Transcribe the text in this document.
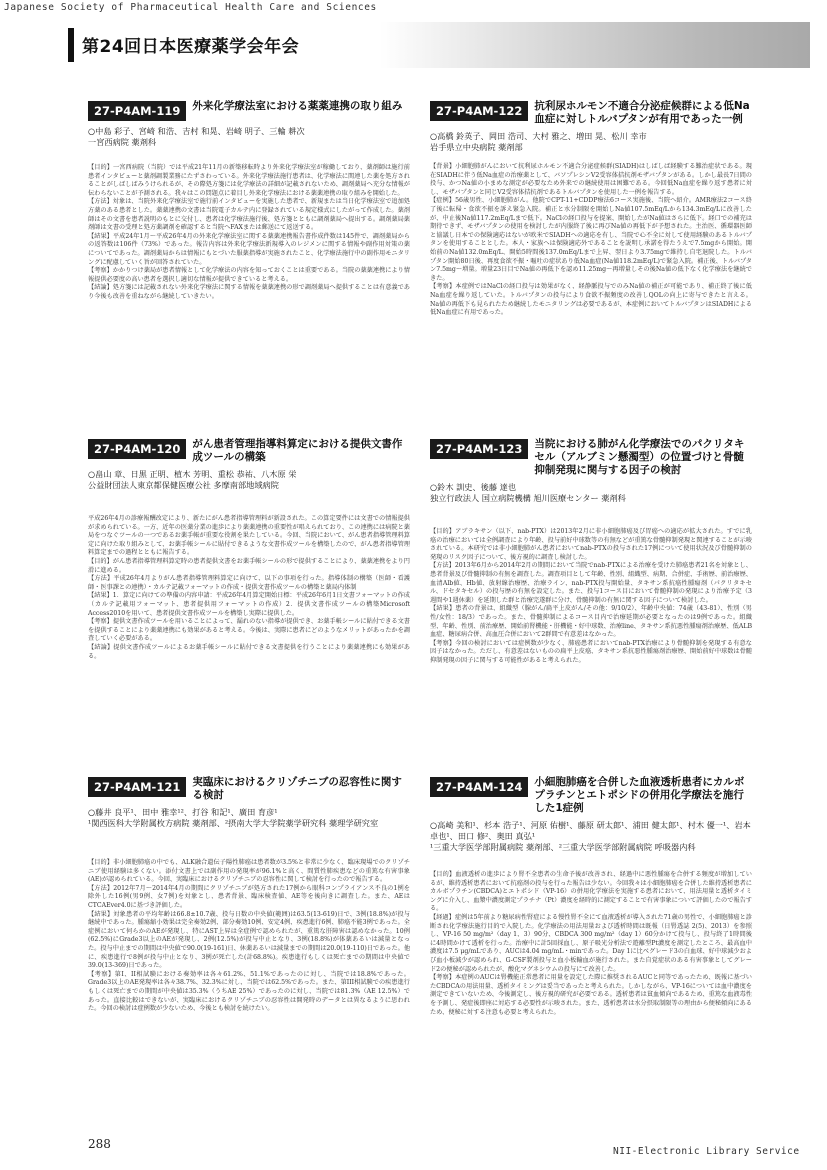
Japanese Society of Pharmaceutical Health Care and Sciences
第24回日本医療薬学会年会
27-P4AM-119	外来化学療法室における薬薬連携の取り組み
○中島 彩子、宮崎 和浩、吉村 和晃、岩崎 明子、三輪 耕次
一宮西病院 薬剤科

【目的】一宮西病院（当院）では平成21年11月の新築移転時より外来化学療法室が稼働しており、薬剤師は施行前患者インタビューと薬剤調製業務にたずさわっている。外来化学療法施行患者は、化学療法に関連した薬を処方されることがしばしばみうけられるが、その際処方箋には化学療法の詳細が記載されないため、調剤薬局へ充分な情報が伝わらないことが予測される。我々はこの問題点に着目し外来化学療法における薬薬連携の取り組みを開始した。

【方法】対象は、当院外来化学療法室で施行前インタビューを実施した患者で、新規または当日化学療法室で追加処方薬のある患者とした。薬薬連携の文書は当院電子カルテ内に登録されている規定様式にしたがって作成した。薬剤師はその文書を患者説明のもとに交付し、患者は化学療法施行後、処方箋とともに調剤薬局へ提出する。調剤薬局薬剤師は文書の受理と処方薬調剤を確認すると当院へFAXまたは郵送にて返送する。

【結果】平成24年1月〜平成26年4月の外来化学療法室に関する薬薬連携報告書作成件数は145件で、調剤薬局からの返答数は106件（73%）であった。報告内容は外来化学療法新規導入のレジメンに関する情報や副作用対策の薬についてであった。調剤薬局からは情報にもとづいた服薬指導が実施されたこと、化学療法施行中の副作用モニタリングに配慮していく旨が回答されていた。

【考察】かかりつけ薬局が患者情報として化学療法の内容を知っておくことは重要である。当院の薬薬連携により情報提供必要度の高い患者を選択し適切な情報が提供できていると考える。

【結論】処方箋には記載されない外来化学療法に関する情報を薬薬連携の形で調剤薬局へ提供することは有意義であり今後も改善を重ねながら継続していきたい。

27-P4AM-122	抗利尿ホルモン不適合分泌症候群による低Na血症に対しトルバプタンが有用であった一例
○高橋 鈴英子、岡田 浩司、大村 雅之、増田 晃、松川 幸市
岩手県立中央病院 薬剤部

【背景】小細胞肺がんにおいて抗利尿ホルモン不適合分泌症候群(SIADH)はしばしば経験する難治症状である。現在SIADHに伴う低Na血症の治療薬として、バソプレシンV2受容体拮抗剤モザバプタンがある。しかし最長7日間の投与、かつNa値の小まめな測定が必要なため外来での継続使用は困難である。今回低Na血症を繰り返す患者に対し、モザバプタンと同じV2受容体拮抗剤であるトルバプタンを使用した一例を報告する。

【症例】56歳男性、小細胞肺がん。他院でCPT-11+CDDP療法6コース実施後、当院へ紹介。AMR療法2コース終了後に転帰・食欲不振を訴え緊急入院。補正と水分制限を開始しNa値107.5mEq/Lから134.3mEq/Lに改善したが、中止後Na値117.2mEq/Lまで低下。NaClの経口投与を提案、開始したがNa値はさらに低下。経口での補充は期待できず、モザバプタンの使用を検討したが内服終了後に再びNa値の再低下が予想された。主治医、循環器医師と協議し日本での保険適応はないが欧米でSIADHへの適応を有し、当院で心不全に対して使用経験のあるトルバプタンを使用することとした。本人・家族へは保険適応外であることを説明し承諾を得たうえで7.5mgから開始。開始前のNa値132.0mEq/L、開始5時間後137.0mEq/Lまで上昇、翌日より3.75mgで維持し自宅退院した。トルバプタン開始80日後、再度食欲不振・嘔吐の症状あり低Na血症(Na値118.2mEq/L)で緊急入院。補正後、トルバプタン7.5mg〜増量。増量23日目でNa値の再低下を認め11.25mg〜再増量しその後Na値の低下なく化学療法を継続できた。

【考察】本症例ではNaClの経口投与は効果がなく、経静脈投与でのみNa値の補正が可能であり、補正終了後に低Na血症を繰り返していた。トルバプタンの投与により食欲不振頻度の改善しQOLの向上に寄与できたと言える。Na値の再低下も見られたため継続したモニタリングは必要であるが、本症例においてトルバプタンはSIADHによる低Na血症に有用であった。

27-P4AM-120	がん患者管理指導料算定における提供文書作成ツールの構築
○畠山 章、日黒 正明、植木 芳明、重松 恭祐、八木原 栄
公益財団法人東京都保健医療公社 多摩南部地域病院

平成26年4月の診療報酬改定により、新たにがん患者指導管理料が新設された。この算定要件には文書での情報提供が求められている。一方、近年の医薬分業の進歩により薬薬連携の重要性が唱えられており、この連携には病院と薬局をつなぐツールの一つであるお薬手帳が重要な役割を果たしている。今回、当院において、がん患者指導管理料算定に向けた取り組みとして、お薬手帳シールに貼付できるような文書作成ツールを構築したので、がん患者指導管理料算定までの過程とともに報告する。

【目的】がん患者指導管理料算定時の患者提供文書をお薬手帳シールの形で提供することにより、薬薬連携をより円滑に進める。

【方法】平成26年4月よりがん患者指導管理料算定に向けて、以下の事項を行った。指導体制の構築（医師・看護師・医事課との連携）・カルテ記載フォーマットの作成・提供文書作成ツールの構築と薬局内体制

【結果】1．算定に向けての準備の内容申請：平成26年4月算定開始日標：平成26年6月1日文書フォーマットの作成（カルテ記載用フォーマット、患者提供用フォーマットの作成）2．提供文書作成ツールの構築Microsoft Access2010を用いて、患者提供文書作成ツールを構築し実際に提供した。

【考察】提供文書作成ツールを用いることによって、漏れのない指導が提供でき、お薬手帳シールに貼付できる文書を提供することにより薬薬連携にも効果があると考える。今後は、実際に患者にどのようなメリットがあったかを調査していく必要がある。

【結論】提供文書作成ツールによるお薬手帳シールに貼付できる文書提供を行うことにより薬薬連携にも効果がある。

27-P4AM-123	当院における肺がん化学療法でのパクリタキセル（アルブミン懸濁型）の位置づけと骨髄抑制発現に関与する因子の検討
○鈴木 訓史、後藤 達也
独立行政法人 国立病院機構 旭川医療センター 薬剤科

【目的】アブラキサン（以下、nab-PTX）は2013年2月に非小細胞肺癌及び胃癌への適応が拡大された。すでに乳癌の治療においては全例調査により年齢、投与前好中球数等の有無などが重篤な骨髄抑制発現と関連することが示唆されている。本研究では非小細胞肺がん患者においてnab-PTXの投与された17例について使用状況及び骨髄抑制の発現のリスク因子について、後方視的に調査し検討した。

【方法】2013年6月から2014年2月の期間において当院でnab-PTXによる治療を受けた肺癌患者21名を対象とし、患者背景及び骨髄抑制の有無を調査した。調査項目として年齢、性別、組織型、病期、合併症、手術歴、前治療歴、血清Alb値、Hb値、放射線治療歴、治療ライン、nab-PTX投与開始量、タキサン系抗癌性腫瘍剤（パクリタキセル、ドセタキセル）の投与歴の有無を設定した。また、投与1コース目において骨髄抑制の発現により治療予定（3週間や1週休薬）を延期した群と治療完遂群に分け、骨髄抑制の有無に関する因子について検討した。

【結果】患者の背景は、組織型（腺がん/扁平上皮がん/その他：9/10/2）、年齢中央値：74歳（43-81）、性別（男性/女性：18/3）であった。また、骨髄抑制によるコース目内で治療延期が必要となったのは9例であった。組織型、年齢、性別、前治療歴、開始前腎機能・肝機能・好中球数、治療line、タキサン系抗悪性腫瘍剤治療歴、低ALB血症、糖尿病合併、高血圧合併において2群間で有意差はなかった。

【考察】今回の検討においては症例数が少なく、肺癌患者においてnab-PTX治療により骨髄抑制を発現する有意な因子はなかった。ただし、有意差はないものの扁平上皮癌、タキサン系抗悪性腫瘍剤治療歴、開始前好中球数は骨髄抑制発現の因子に関与する可能性があると考えられた。

27-P4AM-121	実臨床におけるクリゾチニブの忍容性に関する検討
○藤井 良平¹、田中 雅幸¹²、打谷 和記¹、廣田 育彦¹
¹関西医科大学附属枚方病院 薬剤部、²摂南大学大学院薬学研究科 薬理学研究室

【目的】非小細胞肺癌の中でも、ALK融合遺伝子陽性肺癌は患者数が3.5%と非常に少なく、臨床現場でのクリゾチニブ使用経験は多くない。添付文書上では副作用の発現率が96.1%と高く、間質性肺疾患などの重篤な有害事象(AE)が認められている。今回、実臨床におけるクリゾチニブの忍容性に関して検討を行ったので報告する。

【方法】2012年7月〜2014年4月の期間にクリゾチニブが処方された17例から眼科コンプライアンス不良の1例を除外した16例(男9例、女7例)を対象とし、患者背景、臨床検査値、AE等を後向きに調査した。また、AEはCTCAEver4.0に基づき評価した。

【結果】対象患者の平均年齢は66.8±10.7歳、投与日数の中央値(範囲)は63.5(13-619)日で、3例(18.8%)が投与継続中であった。腫瘍縮小効果は完全奏効2例、部分奏効10例、安定4例、疾患進行6例、肺癌不能3例であった。全症例において何らかのAEが発現し、特にAST上昇は全症例で認められたが、重篤な肝障害は認めなかった。10例(62.5%)にGrade3以上のAEが発現し、2例(12.5%)が投与中止となり、3例(18.8%)が体薬あるいは減量となった。投与中止までの期間は中央値で90.0(19-161)日、休薬あるいは減量までの期間は20.0(19-110)日であった。他に、疾患進行で8例が投与中止となり、3例が死亡した(計68.8%)。疾患進行もしくは死亡までの期間は中央値で39.0(13-369)日であった。

【考察】第I、II相試験における奏効率は各々61.2%、51.1%であったのに対し、当院では18.8%であった。Grade3以上のAE発現率は各々38.7%、32.3%に対し、当院では62.5%であった。また、第III相試験での疾患進行もしくは死亡までの期間が中央値は35.3%（うちAE 25%）であったのに対し、当院では81.3%（AE 12.5%）であった。直接比較はできないが、実臨床におけるクリゾチニブの忍容性は開発時のデータとは異なるように思われた。今回の検討は症例数が少ないため、今後とも検討を続けたい。

27-P4AM-124	小細胞肺癌を合併した血液透析患者にカルボプラチンとエトポシドの併用化学療法を施行した1症例
○高崎 美和¹、杉本 浩子¹、河原 佑樹¹、藤原 研太郎¹、浦田 健太郎¹、村木 優一¹、岩本 卓也¹、田口 修²、奥田 真弘¹
¹三重大学医学部附属病院 薬剤部、²三重大学医学部附属病院 呼吸器内科

【目的】血液透析の進歩により腎不全患者の生命予後が改善され、経過中に悪性腫瘍を合併する頻度が増加しているが、維持透析患者において抗癌剤の投与を行った報告は少ない。今回我々は小細胞肺癌を合併した維持透析患者にカルボプラチン(CBDCA)とエトポシド（VP-16）の併用化学療法を実施する患者において、用法用量と透析タイミングに介入し、血漿中濃度測定プラチナ（Pt）濃度を経時的に測定することで有害事象について評価したので報告する。

【経過】症例は5年前より糖尿病性腎症による慢性腎不全にて血液透析が導入された71歳の男性で、小細胞肺癌と診断され化学療法施行目的で入院した。化学療法の用法用量および透析時間は既報（日腎透誌 2(5)、2013）を参照し、VP-16 50 mg/m²（day 1、3）90分、CBDCA 300 mg/m²（day 1）60分かけて投与し、投与終了1時間後に4時間かけて透析を行った。治療中に計5回採血し、原子吸光分析法で遊離型Pt濃度を測定したところ、最高血中濃度は7.5 μg/mLであり、AUCは4.04 mg/mL・minであった。Day 1に比べグレード3の白血球、好中球減少および血小板減少が認められ、G-CSF製剤投与と血小板輸血が施行された。また自覚症状のある有害事象としてグレード2の便秘が認められたが、酸化マグネシウムの投与にて改善した。

【考察】本症例のAUCは腎機能正常患者に用量を設定した際に推奨されるAUCと同等であったため、既報に基づいたCBDCAの用法用量、透析タイミングは妥当であったと考えられた。しかしながら、VP-16については血中濃度を測定できていないため、今後測定し、後方視的研究が必要である。透析患者は貧血傾向であるため、重篤な血液毒性を予測し、発症後即座に対応する必要性が示唆された。また、透析患者は水分摂取制限等の理由から便秘傾向にあるため、便秘に対する注意も必要と考えられた。

288
NII-Electronic Library Service
